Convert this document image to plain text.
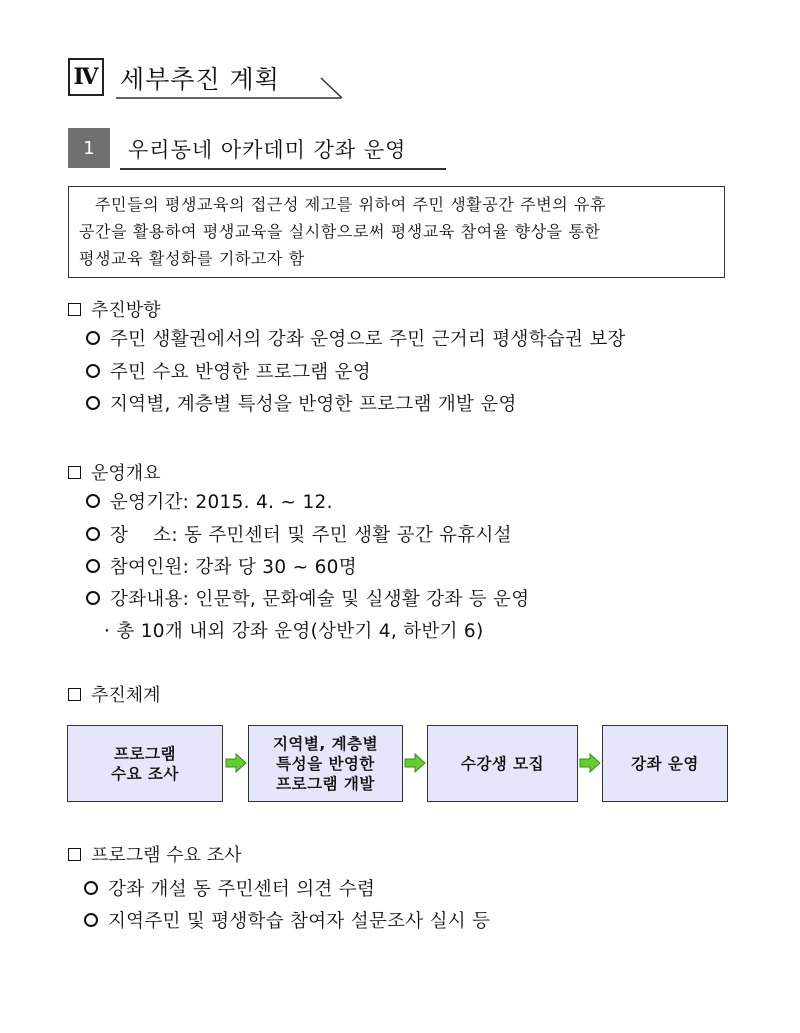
Ⅳ 세부추진 계획
1	우리동네 아카데미 강좌 운영
주민들의 평생교육의 접근성 제고를 위하여 주민 생활공간 주변의 유휴
공간을 활용하여 평생교육을 실시함으로써 평생교육 참여율 향상을 통한
평생교육 활성화를 기하고자 함
추진방향
주민 생활권에서의 강좌 운영으로 주민 근거리 평생학습권 보장
주민 수요 반영한 프로그램 운영
지역별, 계층별 특성을 반영한 프로그램 개발 운영
운영개요
운영기간: 2015. 4. ~ 12.
장　 소: 동 주민센터 및 주민 생활 공간 유휴시설
참여인원: 강좌 당 30 ~ 60명
강좌내용: 인문학, 문화예술 및 실생활 강좌 등 운영
· 총 10개 내외 강좌 운영(상반기 4, 하반기 6)
추진체계
프로그램
수요 조사
지역별, 계층별
특성을 반영한
프로그램 개발
수강생 모집	강좌 운영
프로그램 수요 조사
강좌 개설 동 주민센터 의견 수렴
지역주민 및 평생학습 참여자 설문조사 실시 등
